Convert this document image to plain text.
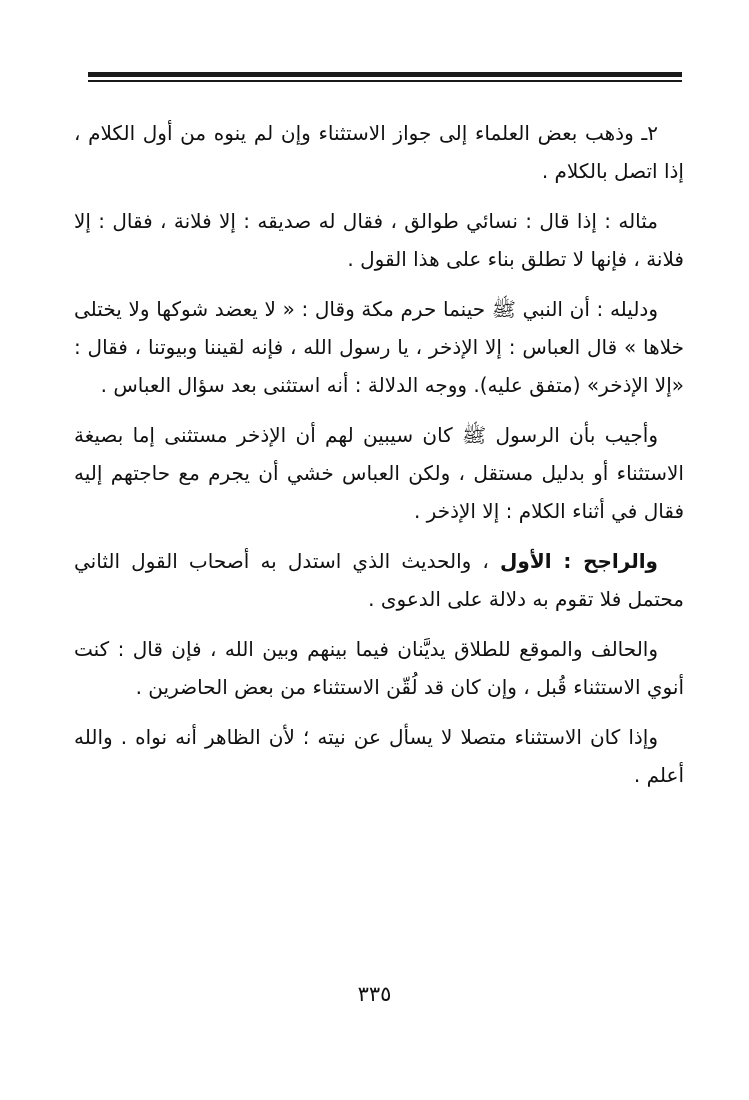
٢ـ وذهب بعض العلماء إلى جواز الاستثناء وإن لم ينوه من أول الكلام ، إذا اتصل بالكلام .

مثاله : إذا قال : نسائي طوالق ، فقال له صديقه : إلا فلانة ، فقال : إلا فلانة ، فإنها لا تطلق بناء على هذا القول .

ودليله : أن النبي ﷺ حينما حرم مكة وقال : « لا يعضد شوكها ولا يختلى خلاها » قال العباس : إلا الإذخر ، يا رسول الله ، فإنه لقيننا وبيوتنا ، فقال : «إلا الإذخر» (متفق عليه). ووجه الدلالة : أنه استثنى بعد سؤال العباس .

وأجيب بأن الرسول ﷺ كان سيبين لهم أن الإذخر مستثنى إما بصيغة الاستثناء أو بدليل مستقل ، ولكن العباس خشي أن يجرم مع حاجتهم إليه فقال في أثناء الكلام : إلا الإذخر .

والراجح : الأول ، والحديث الذي استدل به أصحاب القول الثاني محتمل فلا تقوم به دلالة على الدعوى .

والحالف والموقع للطلاق يديَّنان فيما بينهم وبين الله ، فإن قال : كنت أنوي الاستثناء قُبل ، وإن كان قد لُقّن الاستثناء من بعض الحاضرين .

وإذا كان الاستثناء متصلا لا يسأل عن نيته ؛ لأن الظاهر أنه نواه . والله أعلم .

٣٣٥
